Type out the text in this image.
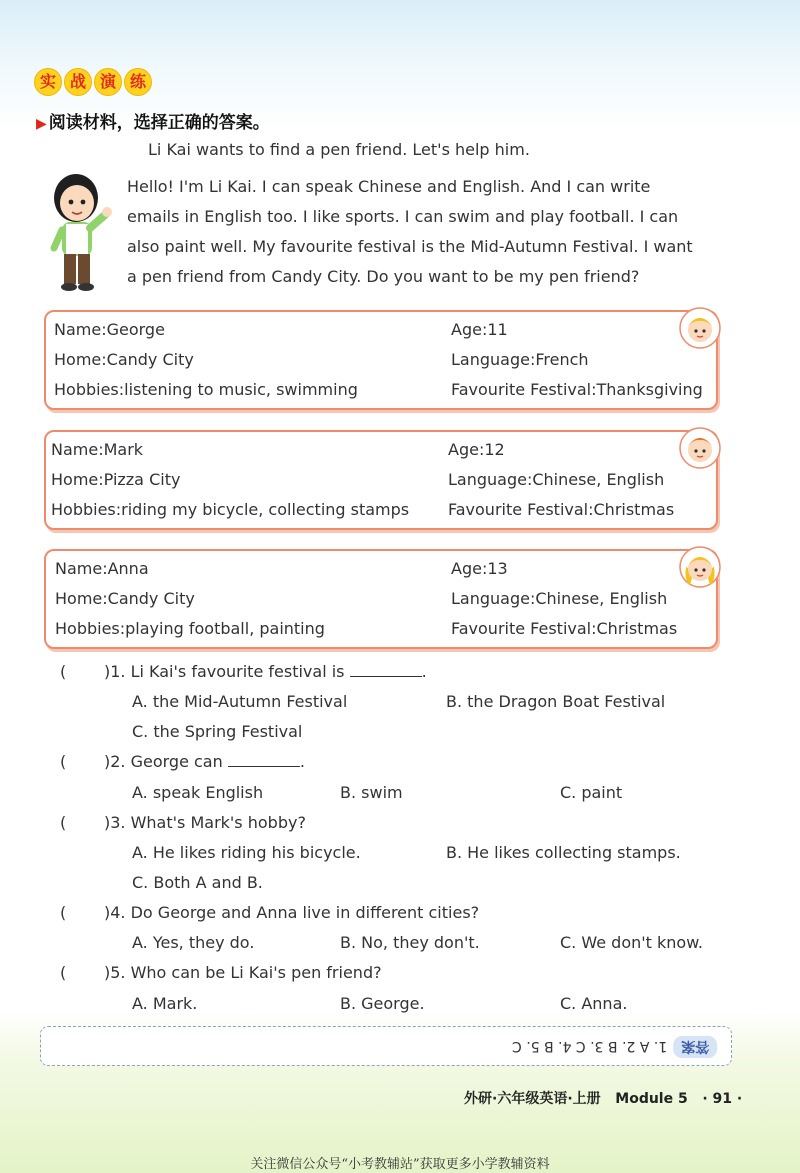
实 战 演 练
▶ 阅读材料，选择正确的答案。
Li Kai wants to find a pen friend. Let's help him.
Hello! I'm Li Kai. I can speak Chinese and English. And I can write
emails in English too. I like sports. I can swim and play football. I can
also paint well. My favourite festival is the Mid-Autumn Festival. I want
a pen friend from Candy City. Do you want to be my pen friend?
Name:George	Age:11
Home:Candy City	Language:French
Hobbies:listening to music, swimming	Favourite Festival:Thanksgiving
Name:Mark	Age:12
Home:Pizza City	Language:Chinese, English
Hobbies:riding my bicycle, collecting stamps Favourite Festival:Christmas
Name:Anna	Age:13
Home:Candy City	Language:Chinese, English
Hobbies:playing football, painting	Favourite Festival:Christmas
( )1. Li Kai's favourite festival is	.
A. the Mid-Autumn Festival	B. the Dragon Boat Festival
C. the Spring Festival
( )2. George can	.
A. speak English	B. swim	C. paint
( )3. What's Mark's hobby?
A. He likes riding his bicycle.	B. He likes collecting stamps.
C. Both A and B.
( )4. Do George and Anna live in different cities?
A. Yes, they do.	B. No, they don't.	C. We don't know.
( )5. Who can be Li Kai's pen friend?
A. Mark.	B. George.	C. Anna.
答案1. A 2. B 3. C 4. B 5. C
外研·六年级英语·上册 Module 5 · 91 ·
关注微信公众号“小考教辅站”获取更多小学教辅资料
